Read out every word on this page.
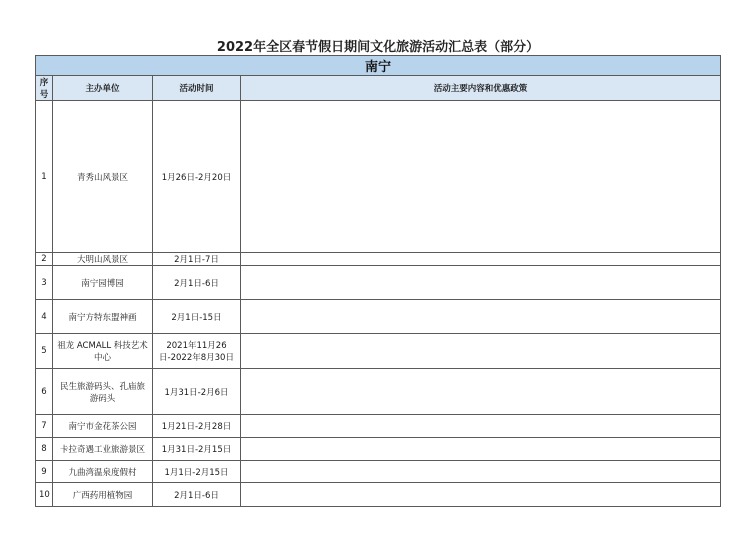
2022年全区春节假日期间文化旅游活动汇总表（部分）
南宁			
序号	主办单位	活动时间	活动主要内容和优惠政策
1	青秀山风景区	1月26日-2月20日	
2	大明山风景区	2月1日-7日	
3	南宁园博园	2月1日-6日	
4	南宁方特东盟神画	2月1日-15日	
5	祖龙 ACMALL 科技艺术中心	2021年11月26日-2022年8月30日	
6	民生旅游码头、孔庙旅游码头	1月31日-2月6日	
7	南宁市金花茶公园	1月21日-2月28日	
8	卡拉奇遇工业旅游景区	1月31日-2月15日	
9	九曲湾温泉度假村	1月1日-2月15日	
10	广西药用植物园	2月1日-6日	
